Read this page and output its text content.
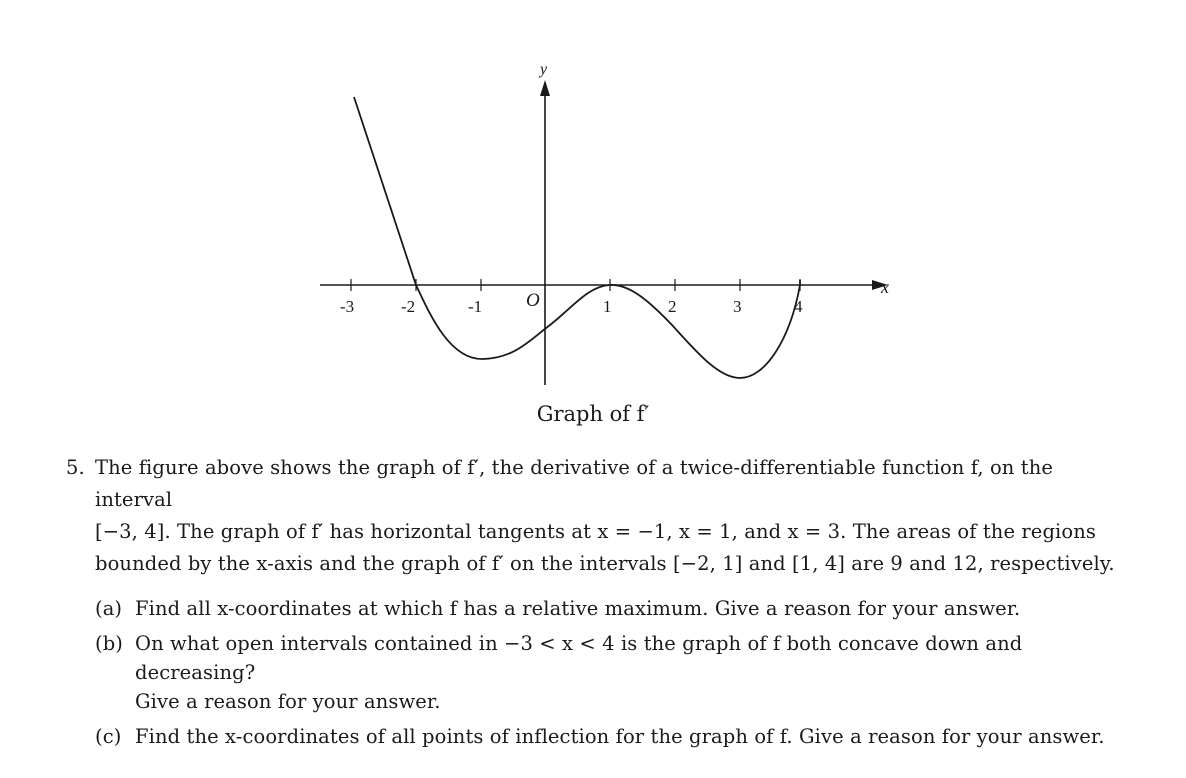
x
y
-3	-2	-1 O	1	2	3	4
Graph of f′
5. The figure above shows the graph of f′, the derivative of a twice-differentiable function f, on the interval
[−3, 4]. The graph of f′ has horizontal tangents at x = −1, x = 1, and x = 3. The areas of the regions
bounded by the x-axis and the graph of f′ on the intervals [−2, 1] and [1, 4] are 9 and 12, respectively.
(a) Find all x-coordinates at which f has a relative maximum. Give a reason for your answer.
(b) On what open intervals contained in −3 < x < 4 is the graph of f both concave down and decreasing?
Give a reason for your answer.
(c) Find the x-coordinates of all points of inflection for the graph of f. Give a reason for your answer.
